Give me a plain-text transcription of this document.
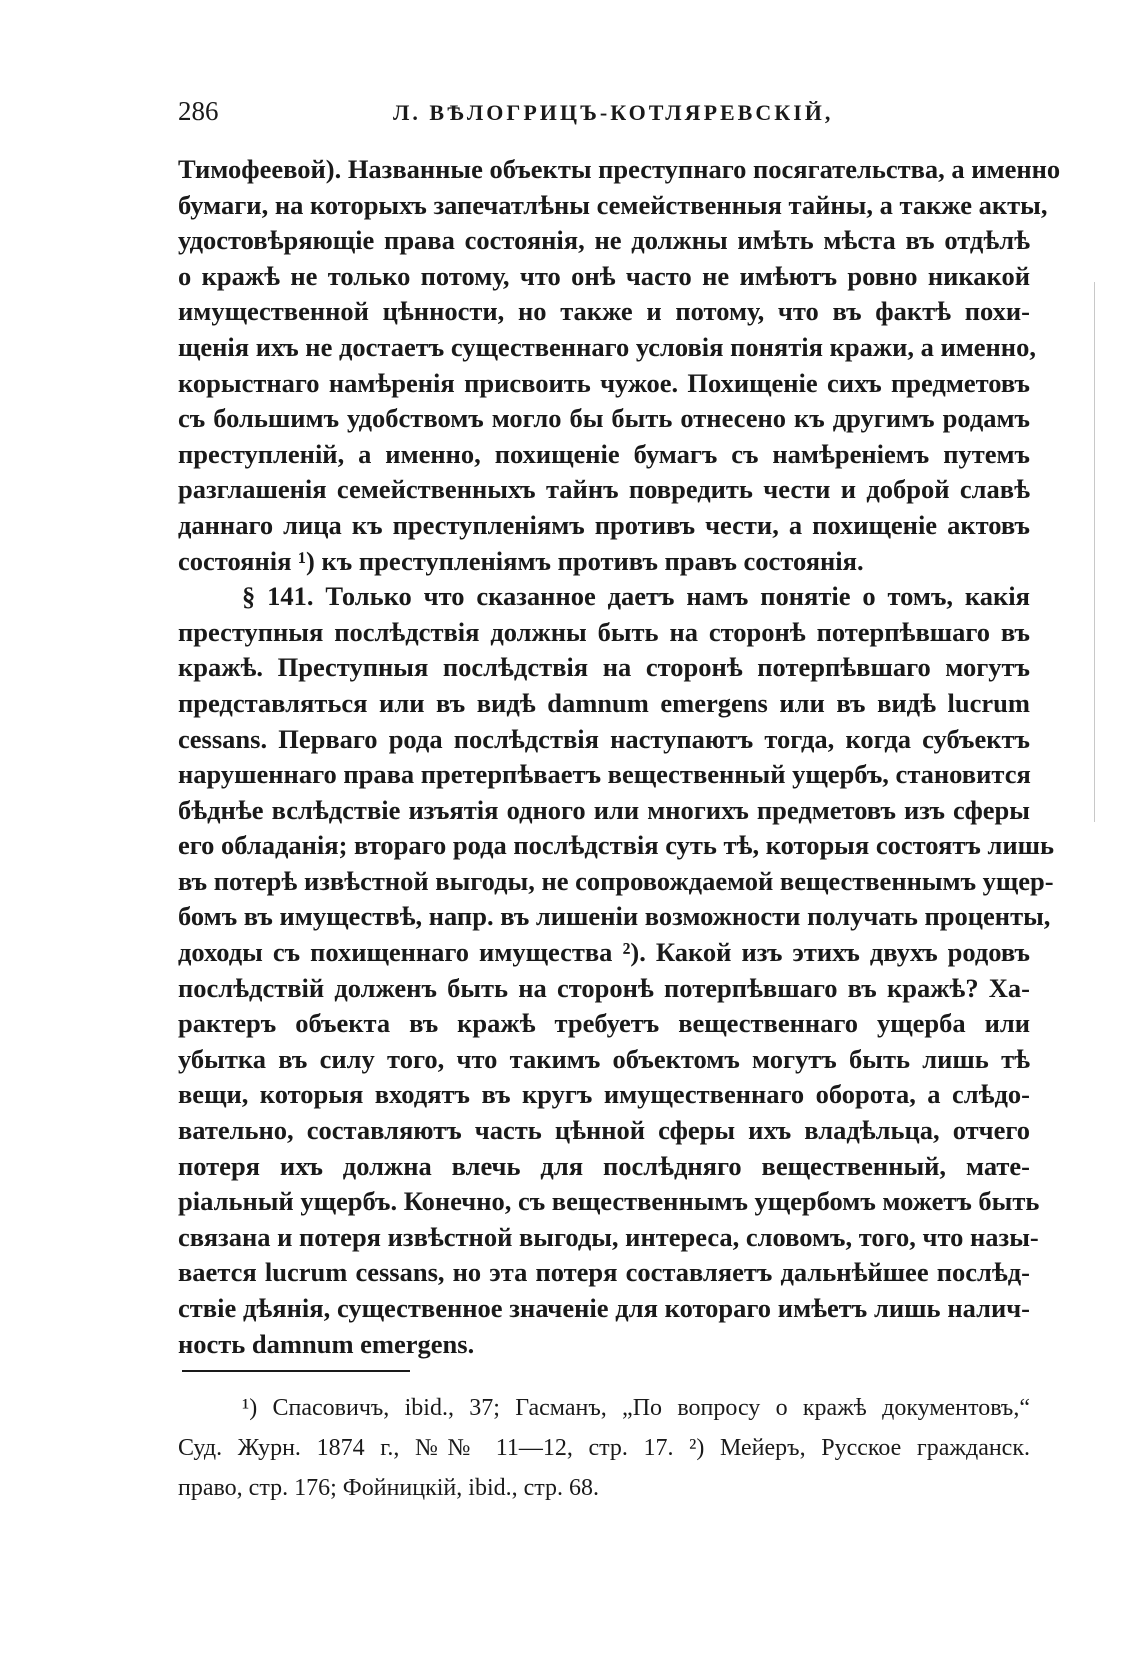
286	Л. ВѢЛОГРИЦЪ-КОТЛЯРЕВСКІЙ,
Тимофеевой). Названные объекты преступнаго посягательства, а именно
бумаги, на которыхъ запечатлѣны семейственныя тайны, а также акты,
удостовѣряющіе права состоянія, не должны имѣть мѣста въ отдѣлѣ
о кражѣ не только потому, что онѣ часто не имѣютъ ровно никакой
имущественной цѣнности, но также и потому, что въ фактѣ похи-
щенія ихъ не достаетъ существеннаго условія понятія кражи, а именно,
корыстнаго намѣренія присвоить чужое. Похищеніе сихъ предметовъ
съ большимъ удобствомъ могло бы быть отнесено къ другимъ родамъ
преступленій, а именно, похищеніе бумагъ съ намѣреніемъ путемъ
разглашенія семейственныхъ тайнъ повредить чести и доброй славѣ
даннаго лица къ преступленіямъ противъ чести, а похищеніе актовъ
состоянія ¹) къ преступленіямъ противъ правъ состоянія.
§ 141. Только что сказанное даетъ намъ понятіе о томъ, какія
преступныя послѣдствія должны быть на сторонѣ потерпѣвшаго въ
кражѣ. Преступныя послѣдствія на сторонѣ потерпѣвшаго могутъ
представляться или въ видѣ damnum emergens или въ видѣ lucrum
cessans. Перваго рода послѣдствія наступаютъ тогда, когда субъектъ
нарушеннаго права претерпѣваетъ вещественный ущербъ, становится
бѣднѣе вслѣдствіе изъятія одного или многихъ предметовъ изъ сферы
его обладанія; втораго рода послѣдствія суть тѣ, которыя состоятъ лишь
въ потерѣ извѣстной выгоды, не сопровождаемой вещественнымъ ущер-
бомъ въ имуществѣ, напр. въ лишеніи возможности получать проценты,
доходы съ похищеннаго имущества ²). Какой изъ этихъ двухъ родовъ
послѣдствій долженъ быть на сторонѣ потерпѣвшаго въ кражѣ? Ха-
рактеръ объекта въ кражѣ требуетъ вещественнаго ущерба или
убытка въ силу того, что такимъ объектомъ могутъ быть лишь тѣ
вещи, которыя входятъ въ кругъ имущественнаго оборота, а слѣдо-
вательно, составляютъ часть цѣнной сферы ихъ владѣльца, отчего
потеря ихъ должна влечь для послѣдняго вещественный, мате-
ріальный ущербъ. Конечно, съ вещественнымъ ущербомъ можетъ быть
связана и потеря извѣстной выгоды, интереса, словомъ, того, что назы-
вается lucrum cessans, но эта потеря составляетъ дальнѣйшее послѣд-
ствіе дѣянія, существенное значеніе для котораго имѣетъ лишь налич-
ность damnum emergens.
¹) Спасовичъ, ibid., 37; Гасманъ, „По вопросу о кражѣ документовъ,“
Суд. Журн. 1874 г., №№ 11—12, стр. 17. ²) Мейеръ, Русское гражданск.
право, стр. 176; Фойницкій, ibid., стр. 68.
